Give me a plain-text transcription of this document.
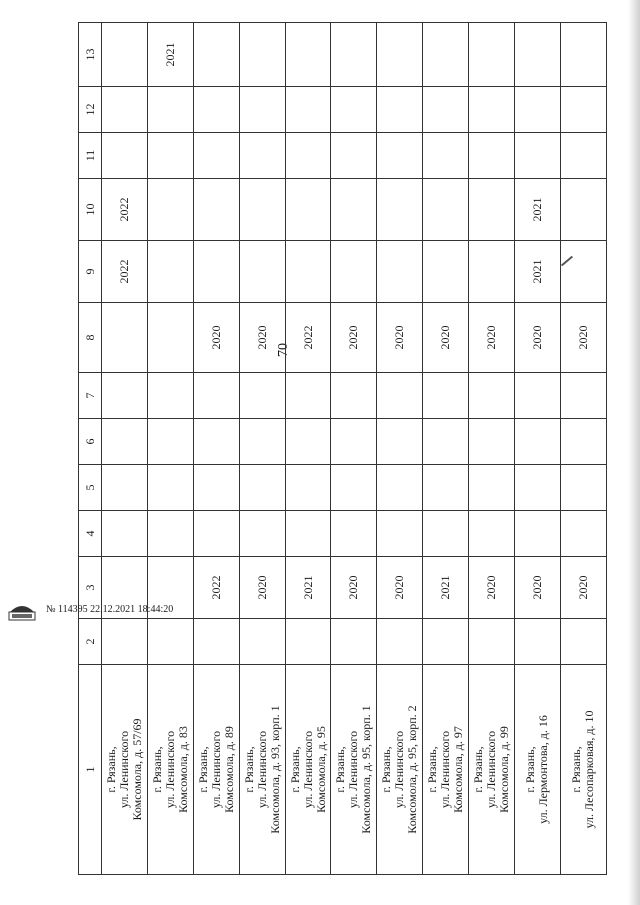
70
1	2	3	4	5	6	7	8	9	10	11	12	13

г. Рязань, ул. Ленинского Комсомола, д. 57/69								2022	2022			

г. Рязань, ул. Ленинского Комсомола, д. 83												2021

г. Рязань, ул. Ленинского Комсомола, д. 89		2022					2020					

г. Рязань, ул. Ленинского Комсомола, д. 93, корп. 1		2020					2020					

г. Рязань, ул. Ленинского Комсомола, д. 95		2021					2022					

г. Рязань, ул. Ленинского Комсомола, д. 95, корп. 1		2020					2020					

г. Рязань, ул. Ленинского Комсомола, д. 95, корп. 2		2020					2020					

г. Рязань, ул. Ленинского Комсомола, д. 97		2021					2020					

г. Рязань, ул. Ленинского Комсомола, д. 99		2020					2020					

г. Рязань, ул. Лермонтова, д. 16		2020					2020	2021	2021			

г. Рязань, ул. Лесопарковая, д. 10		2020					2020					
№ 114395 22.12.2021 18:44:20
